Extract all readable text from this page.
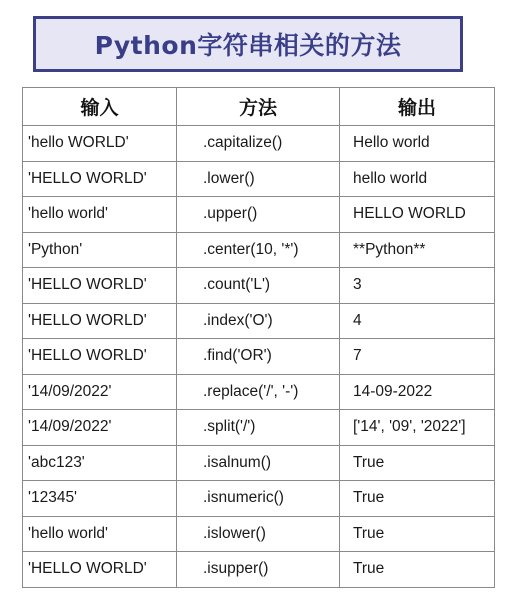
Python字符串相关的方法
输入	方法	输出
'hello WORLD'	.capitalize()	Hello world
'HELLO WORLD'	.lower()	hello world
'hello world'	.upper()	HELLO WORLD
'Python'	.center(10, '*')	**Python**
'HELLO WORLD'	.count('L')	3
'HELLO WORLD'	.index('O')	4
'HELLO WORLD'	.find('OR')	7
'14/09/2022'	.replace('/', '-')	14-09-2022
'14/09/2022'	.split('/')	['14', '09', '2022']
'abc123'	.isalnum()	True
'12345'	.isnumeric()	True
'hello world'	.islower()	True
'HELLO WORLD'	.isupper()	True
